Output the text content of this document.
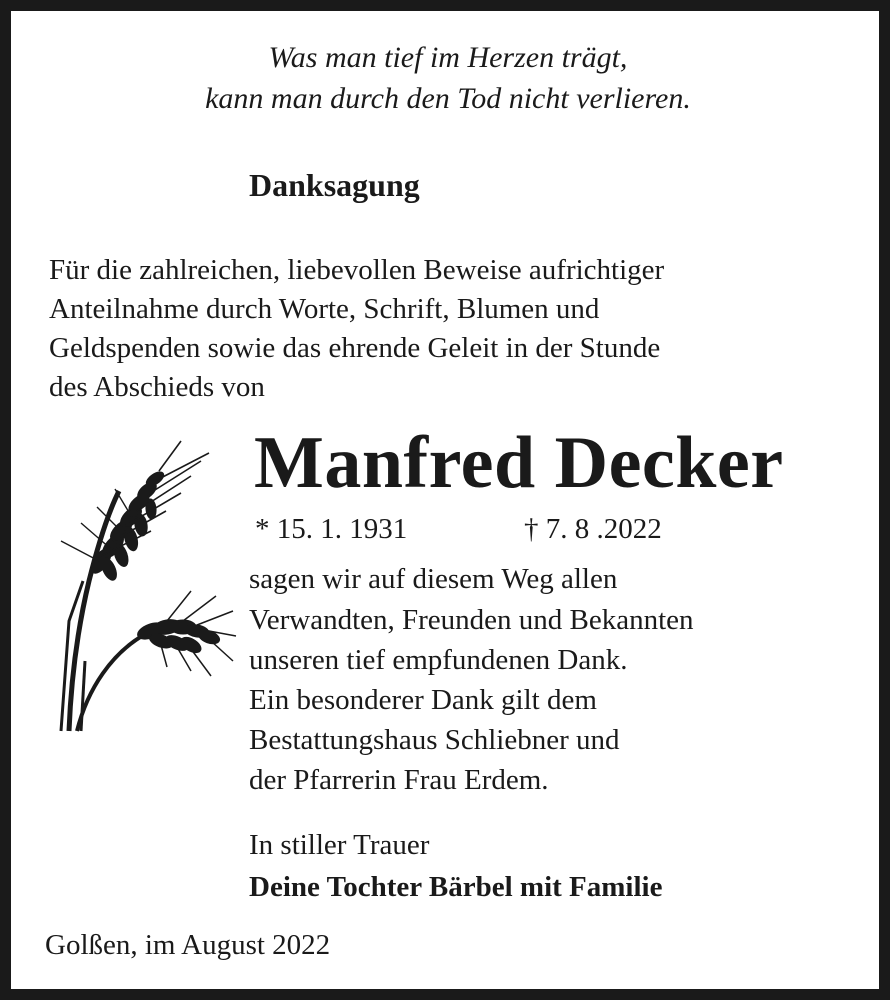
Was man tief im Herzen trägt,

kann man durch den Tod nicht verlieren.

Danksagung

Für die zahlreichen, liebevollen Beweise aufrichtiger

Anteilnahme durch Worte, Schrift, Blumen und

Geldspenden sowie das ehrende Geleit in der Stunde

des Abschieds von

Manfred Decker
* 15. 1. 1931	† 7. 8 .2022

sagen wir auf diesem Weg allen

Verwandten, Freunden und Bekannten

unseren tief empfundenen Dank.

Ein besonderer Dank gilt dem

Bestattungshaus Schliebner und

der Pfarrerin Frau Erdem.

In stiller Trauer

Deine Tochter Bärbel mit Familie

Golßen, im August 2022
